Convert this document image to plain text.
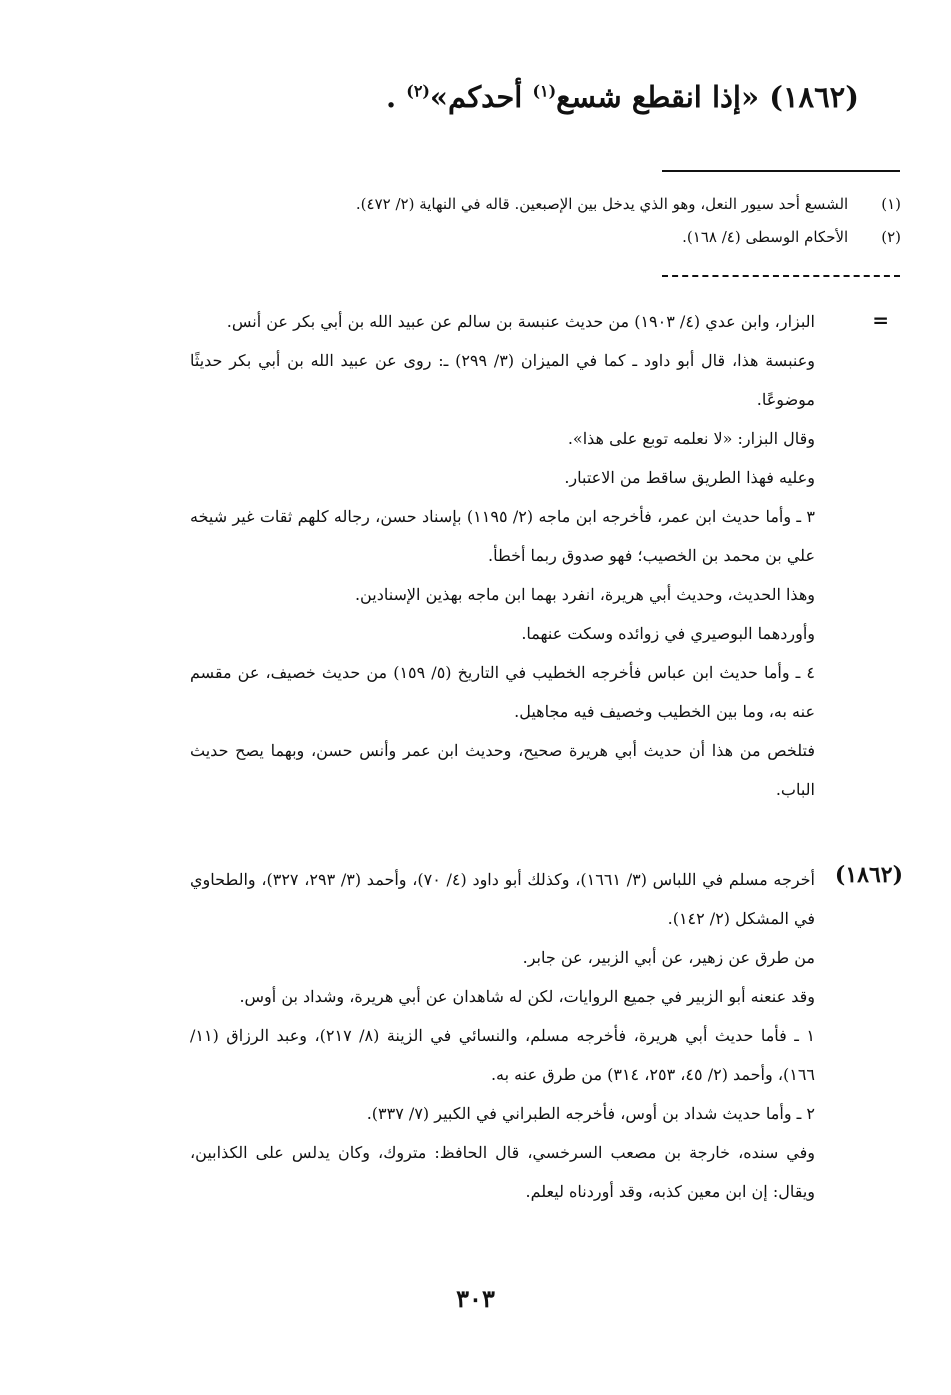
(١٨٦٢) «إذا انقطع شسع$^{(١)}$ أحدكم»$^{(٢)}$ .
(١) الشسع أحد سيور النعل، وهو الذي يدخل بين الإصبعين. قاله في النهاية (٢/ ٤٧٢).
(٢) الأحكام الوسطى (٤/ ١٦٨).
=

البزار، وابن عدي (٤/ ١٩٠٣) من حديث عنبسة بن سالم عن عبيد الله بن أبي بكر عن أنس.

وعنبسة هذا، قال أبو داود ـ كما في الميزان (٣/ ٢٩٩) ـ: روى عن عبيد الله بن أبي بكر حديثًا موضوعًا.

وقال البزار: «لا نعلمه توبع على هذا».

وعليه فهذا الطريق ساقط من الاعتبار.

٣ ـ وأما حديث ابن عمر، فأخرجه ابن ماجه (٢/ ١١٩٥) بإسناد حسن، رجاله كلهم ثقات غير شيخه علي بن محمد بن الخصيب؛ فهو صدوق ربما أخطأ.

وهذا الحديث، وحديث أبي هريرة، انفرد بهما ابن ماجه بهذين الإسنادين.

وأوردهما البوصيري في زوائده وسكت عنهما.

٤ ـ وأما حديث ابن عباس فأخرجه الخطيب في التاريخ (٥/ ١٥٩) من حديث خصيف، عن مقسم عنه به، وما بين الخطيب وخصيف فيه مجاهيل.

فتلخص من هذا أن حديث أبي هريرة صحيح، وحديث ابن عمر وأنس حسن، وبهما يصح حديث الباب.

(١٨٦٢)

أخرجه مسلم في اللباس (٣/ ١٦٦١)، وكذلك أبو داود (٤/ ٧٠)، وأحمد (٣/ ٢٩٣، ٣٢٧)، والطحاوي في المشكل (٢/ ١٤٢).

من طرق عن زهير، عن أبي الزبير، عن جابر.

وقد عنعنه أبو الزبير في جميع الروايات، لكن له شاهدان عن أبي هريرة، وشداد بن أوس.

١ ـ فأما حديث أبي هريرة، فأخرجه مسلم، والنسائي في الزينة (٨/ ٢١٧)، وعبد الرزاق (١١/ ١٦٦)، وأحمد (٢/ ٤٥، ٢٥٣، ٣١٤) من طرق عنه به.

٢ ـ وأما حديث شداد بن أوس، فأخرجه الطبراني في الكبير (٧/ ٣٣٧).

وفي سنده، خارجة بن مصعب السرخسي، قال الحافظ: متروك، وكان يدلس على الكذابين، ويقال: إن ابن معين كذبه، وقد أوردناه ليعلم.

٣٠٣
